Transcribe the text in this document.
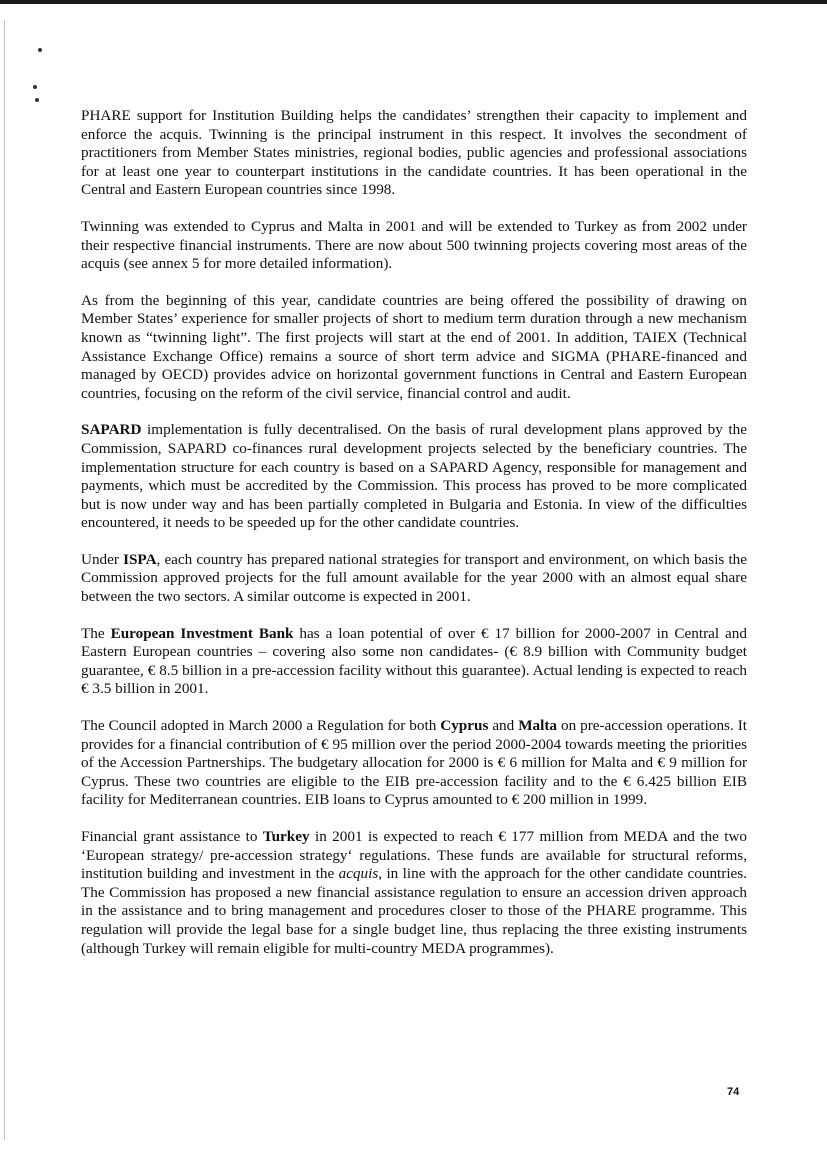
PHARE support for Institution Building helps the candidates’ strengthen their capacity to implement and enforce the acquis. Twinning is the principal instrument in this respect. It involves the secondment of practitioners from Member States ministries, regional bodies, public agencies and professional associations for at least one year to counterpart institutions in the candidate countries. It has been operational in the Central and Eastern European countries since 1998.

Twinning was extended to Cyprus and Malta in 2001 and will be extended to Turkey as from 2002 under their respective financial instruments. There are now about 500 twinning projects covering most areas of the acquis (see annex 5 for more detailed information).

As from the beginning of this year, candidate countries are being offered the possibility of drawing on Member States’ experience for smaller projects of short to medium term duration through a new mechanism known as “twinning light”. The first projects will start at the end of 2001. In addition, TAIEX (Technical Assistance Exchange Office) remains a source of short term advice and SIGMA (PHARE-financed and managed by OECD) provides advice on horizontal government functions in Central and Eastern European countries, focusing on the reform of the civil service, financial control and audit.

SAPARD implementation is fully decentralised. On the basis of rural development plans approved by the Commission, SAPARD co-finances rural development projects selected by the beneficiary countries. The implementation structure for each country is based on a SAPARD Agency, responsible for management and payments, which must be accredited by the Commission. This process has proved to be more complicated but is now under way and has been partially completed in Bulgaria and Estonia. In view of the difficulties encountered, it needs to be speeded up for the other candidate countries.

Under ISPA, each country has prepared national strategies for transport and environment, on which basis the Commission approved projects for the full amount available for the year 2000 with an almost equal share between the two sectors. A similar outcome is expected in 2001.

The European Investment Bank has a loan potential of over € 17 billion for 2000-2007 in Central and Eastern European countries – covering also some non candidates- (€ 8.9 billion with Community budget guarantee, € 8.5 billion in a pre-accession facility without this guarantee). Actual lending is expected to reach € 3.5 billion in 2001.

The Council adopted in March 2000 a Regulation for both Cyprus and Malta on pre-accession operations. It provides for a financial contribution of € 95 million over the period 2000-2004 towards meeting the priorities of the Accession Partnerships. The budgetary allocation for 2000 is € 6 million for Malta and € 9 million for Cyprus. These two countries are eligible to the EIB pre-accession facility and to the € 6.425 billion EIB facility for Mediterranean countries. EIB loans to Cyprus amounted to € 200 million in 1999.

Financial grant assistance to Turkey in 2001 is expected to reach € 177 million from MEDA and the two ‘European strategy/ pre-accession strategy‘ regulations. These funds are available for structural reforms, institution building and investment in the acquis, in line with the approach for the other candidate countries. The Commission has proposed a new financial assistance regulation to ensure an accession driven approach in the assistance and to bring management and procedures closer to those of the PHARE programme. This regulation will provide the legal base for a single budget line, thus replacing the three existing instruments (although Turkey will remain eligible for multi-country MEDA programmes).

74
